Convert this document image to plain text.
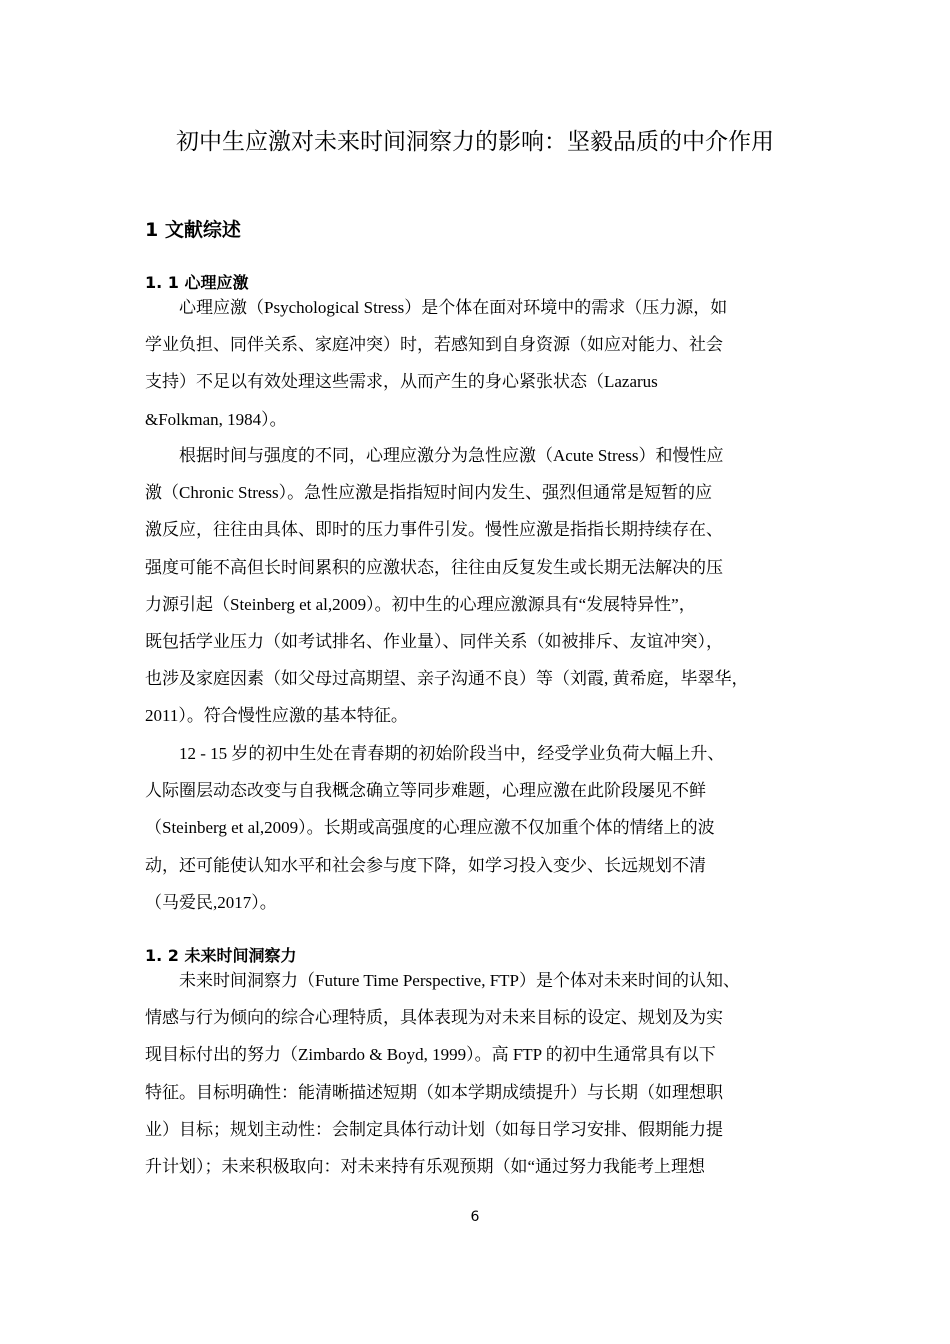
初中生应激对未来时间洞察力的影响：坚毅品质的中介作用
1 文献综述
1. 1 心理应激
心理应激（Psychological Stress）是个体在面对环境中的需求（压力源，如
学业负担、同伴关系、家庭冲突）时，若感知到自身资源（如应对能力、社会
支持）不足以有效处理这些需求，从而产生的身心紧张状态（Lazarus
&Folkman, 1984）。
根据时间与强度的不同，心理应激分为急性应激（Acute Stress）和慢性应
激（Chronic Stress）。急性应激是指指短时间内发生、强烈但通常是短暂的应
激反应，往往由具体、即时的压力事件引发。慢性应激是指指长期持续存在、
强度可能不高但长时间累积的应激状态，往往由反复发生或长期无法解决的压
力源引起（Steinberg et al,2009）。初中生的心理应激源具有“发展特异性”，
既包括学业压力（如考试排名、作业量）、同伴关系（如被排斥、友谊冲突），
也涉及家庭因素（如父母过高期望、亲子沟通不良）等（刘霞, 黄希庭，毕翠华，
2011）。符合慢性应激的基本特征。
12 - 15 岁的初中生处在青春期的初始阶段当中，经受学业负荷大幅上升、
人际圈层动态改变与自我概念确立等同步难题，心理应激在此阶段屡见不鲜
（Steinberg et al,2009）。长期或高强度的心理应激不仅加重个体的情绪上的波
动，还可能使认知水平和社会参与度下降，如学习投入变少、长远规划不清
（马爱民,2017）。
1. 2 未来时间洞察力
未来时间洞察力（Future Time Perspective, FTP）是个体对未来时间的认知、
情感与行为倾向的综合心理特质，具体表现为对未来目标的设定、规划及为实
现目标付出的努力（Zimbardo & Boyd, 1999）。高 FTP 的初中生通常具有以下
特征。目标明确性：能清晰描述短期（如本学期成绩提升）与长期（如理想职
业）目标；规划主动性：会制定具体行动计划（如每日学习安排、假期能力提
升计划）；未来积极取向：对未来持有乐观预期（如“通过努力我能考上理想
6
